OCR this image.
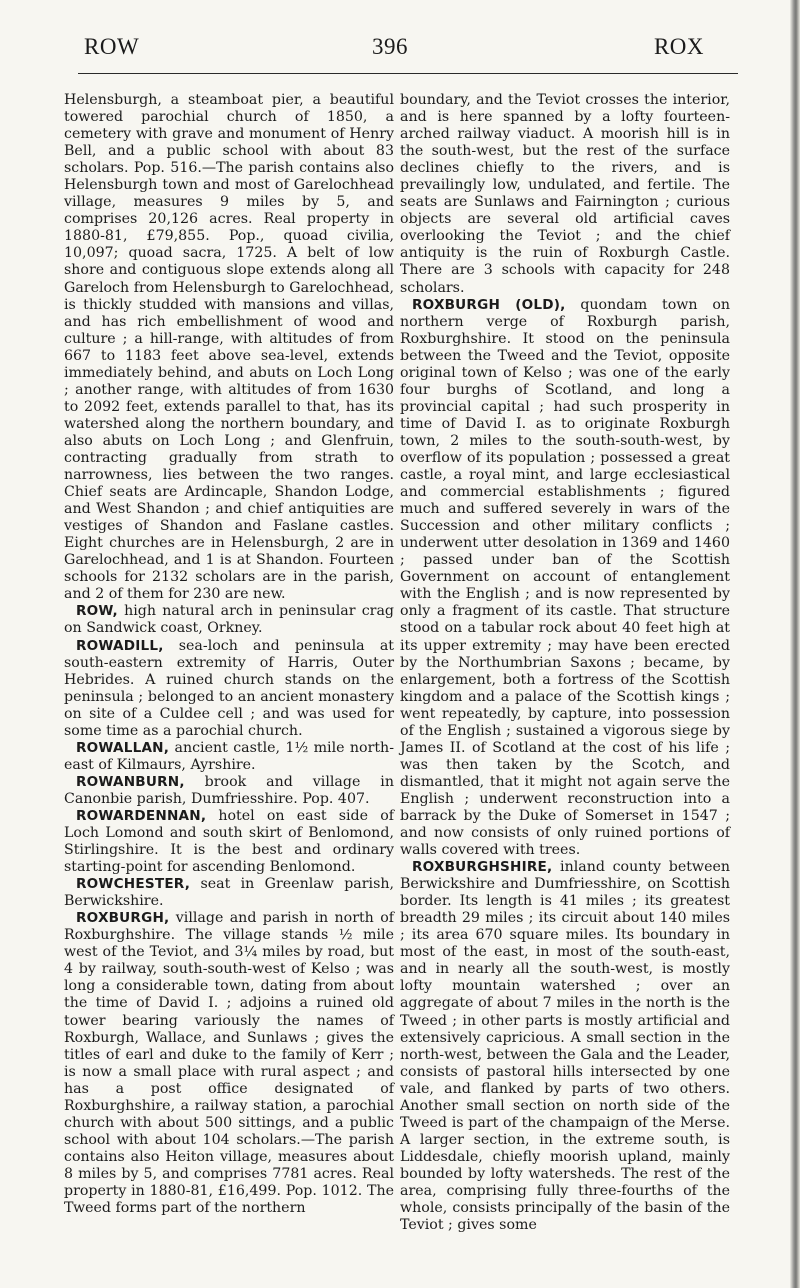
ROW	396	ROX

Helensburgh, a steamboat pier, a beautiful towered parochial church of 1850, a cemetery with grave and monument of Henry Bell, and a public school with about 83 scholars. Pop. 516.—The parish contains also Helensburgh town and most of Garelochhead village, measures 9 miles by 5, and comprises 20,126 acres. Real property in 1880-81, £79,855. Pop., quoad civilia, 10,097; quoad sacra, 1725. A belt of low shore and contiguous slope extends along all Gareloch from Helensburgh to Garelochhead, is thickly studded with mansions and villas, and has rich embellishment of wood and culture ; a hill-range, with altitudes of from 667 to 1183 feet above sea-level, extends immediately behind, and abuts on Loch Long ; another range, with altitudes of from 1630 to 2092 feet, extends parallel to that, has its watershed along the northern boundary, and also abuts on Loch Long ; and Glenfruin, contracting gradually from strath to narrowness, lies between the two ranges. Chief seats are Ardincaple, Shandon Lodge, and West Shandon ; and chief antiquities are vestiges of Shandon and Faslane castles. Eight churches are in Helensburgh, 2 are in Garelochhead, and 1 is at Shandon. Fourteen schools for 2132 scholars are in the parish, and 2 of them for 230 are new.

ROW, high natural arch in peninsular crag on Sandwick coast, Orkney.

ROWADILL, sea-loch and peninsula at south-eastern extremity of Harris, Outer Hebrides. A ruined church stands on the peninsula ; belonged to an ancient monastery on site of a Culdee cell ; and was used for some time as a parochial church.

ROWALLAN, ancient castle, 1½ mile north-east of Kilmaurs, Ayrshire.

ROWANBURN, brook and village in Canonbie parish, Dumfriesshire. Pop. 407.

ROWARDENNAN, hotel on east side of Loch Lomond and south skirt of Benlomond, Stirlingshire. It is the best and ordinary starting-point for ascending Benlomond.

ROWCHESTER, seat in Greenlaw parish, Berwickshire.

ROXBURGH, village and parish in north of Roxburghshire. The village stands ½ mile west of the Teviot, and 3¼ miles by road, but 4 by railway, south-south-west of Kelso ; was long a considerable town, dating from about the time of David I. ; adjoins a ruined old tower bearing variously the names of Roxburgh, Wallace, and Sunlaws ; gives the titles of earl and duke to the family of Kerr ; is now a small place with rural aspect ; and has a post office designated of Roxburghshire, a railway station, a parochial church with about 500 sittings, and a public school with about 104 scholars.—The parish contains also Heiton village, measures about 8 miles by 5, and comprises 7781 acres. Real property in 1880-81, £16,499. Pop. 1012. The Tweed forms part of the northern

boundary, and the Teviot crosses the interior, and is here spanned by a lofty fourteen-arched railway viaduct. A moorish hill is in the south-west, but the rest of the surface declines chiefly to the rivers, and is prevailingly low, undulated, and fertile. The seats are Sunlaws and Fairnington ; curious objects are several old artificial caves overlooking the Teviot ; and the chief antiquity is the ruin of Roxburgh Castle. There are 3 schools with capacity for 248 scholars.

ROXBURGH (OLD), quondam town on northern verge of Roxburgh parish, Roxburghshire. It stood on the peninsula between the Tweed and the Teviot, opposite original town of Kelso ; was one of the early four burghs of Scotland, and long a provincial capital ; had such prosperity in time of David I. as to originate Roxburgh town, 2 miles to the south-south-west, by overflow of its population ; possessed a great castle, a royal mint, and large ecclesiastical and commercial establishments ; figured much and suffered severely in wars of the Succession and other military conflicts ; underwent utter desolation in 1369 and 1460 ; passed under ban of the Scottish Government on account of entanglement with the English ; and is now represented by only a fragment of its castle. That structure stood on a tabular rock about 40 feet high at its upper extremity ; may have been erected by the Northumbrian Saxons ; became, by enlargement, both a fortress of the Scottish kingdom and a palace of the Scottish kings ; went repeatedly, by capture, into possession of the English ; sustained a vigorous siege by James II. of Scotland at the cost of his life ; was then taken by the Scotch, and dismantled, that it might not again serve the English ; underwent reconstruction into a barrack by the Duke of Somerset in 1547 ; and now consists of only ruined portions of walls covered with trees.

ROXBURGHSHIRE, inland county between Berwickshire and Dumfriesshire, on Scottish border. Its length is 41 miles ; its greatest breadth 29 miles ; its circuit about 140 miles ; its area 670 square miles. Its boundary in most of the east, in most of the south-east, and in nearly all the south-west, is mostly lofty mountain watershed ; over an aggregate of about 7 miles in the north is the Tweed ; in other parts is mostly artificial and extensively capricious. A small section in the north-west, between the Gala and the Leader, consists of pastoral hills intersected by one vale, and flanked by parts of two others. Another small section on north side of the Tweed is part of the champaign of the Merse. A larger section, in the extreme south, is Liddesdale, chiefly moorish upland, mainly bounded by lofty watersheds. The rest of the area, comprising fully three-fourths of the whole, consists principally of the basin of the Teviot ; gives some
